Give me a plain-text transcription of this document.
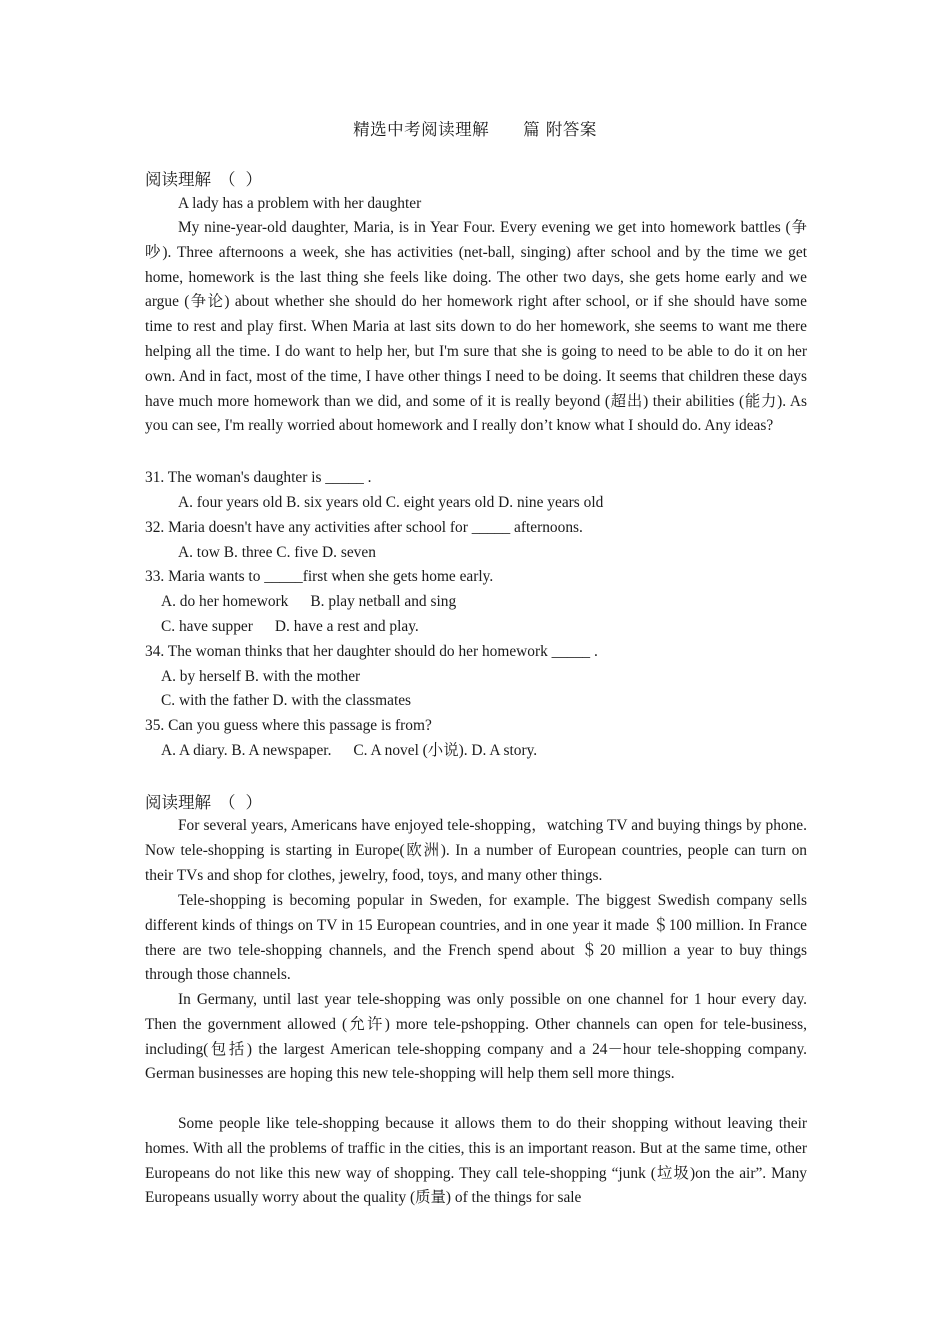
精选中考阅读理解 篇 附答案
阅读理解 （）

A lady has a problem with her daughter

My nine-year-old daughter, Maria, is in Year Four. Every evening we get into homework battles (争吵). Three afternoons a week, she has activities (net-ball, singing) after school and by the time we get home, homework is the last thing she feels like doing. The other two days, she gets home early and we argue (争论) about whether she should do her homework right after school, or if she should have some time to rest and play first. When Maria at last sits down to do her homework, she seems to want me there helping all the time. I do want to help her, but I'm sure that she is going to need to be able to do it on her own. And in fact, most of the time, I have other things I need to be doing. It seems that children these days have much more homework than we did, and some of it is really beyond (超出) their abilities (能力). As you can see, I'm really worried about homework and I really don’t know what I should do. Any ideas?

31. The woman's daughter is _____ .

A. four years old B. six years old C. eight years old D. nine years old

32. Maria doesn't have any activities after school for _____ afternoons.

A. tow B. three C. five D. seven

33. Maria wants to _____first when she gets home early.

A. do her homework B. play netball and sing

C. have supper D. have a rest and play.

34. The woman thinks that her daughter should do her homework _____ .

A. by herself B. with the mother

C. with the father D. with the classmates

35. Can you guess where this passage is from?

A. A diary. B. A newspaper. C. A novel (小说). D. A story.

阅读理解 （）

For several years, Americans have enjoyed tele-shopping，watching TV and buying things by phone. Now tele-shopping is starting in Europe(欧洲). In a number of European countries, people can turn on their TVs and shop for clothes, jewelry, food, toys, and many other things.

Tele-shopping is becoming popular in Sweden, for example. The biggest Swedish company sells different kinds of things on TV in 15 European countries, and in one year it made ＄100 million. In France there are two tele-shopping channels, and the French spend about ＄20 million a year to buy things through those channels.

In Germany, until last year tele-shopping was only possible on one channel for 1 hour every day. Then the government allowed (允许) more tele-pshopping. Other channels can open for tele-business, including(包括) the largest American tele-shopping company and a 24－hour tele-shopping company. German businesses are hoping this new tele-shopping will help them sell more things.

Some people like tele-shopping because it allows them to do their shopping without leaving their homes. With all the problems of traffic in the cities, this is an important reason. But at the same time, other Europeans do not like this new way of shopping. They call tele-shopping “junk (垃圾)on the air”. Many Europeans usually worry about the quality (质量) of the things for sale
